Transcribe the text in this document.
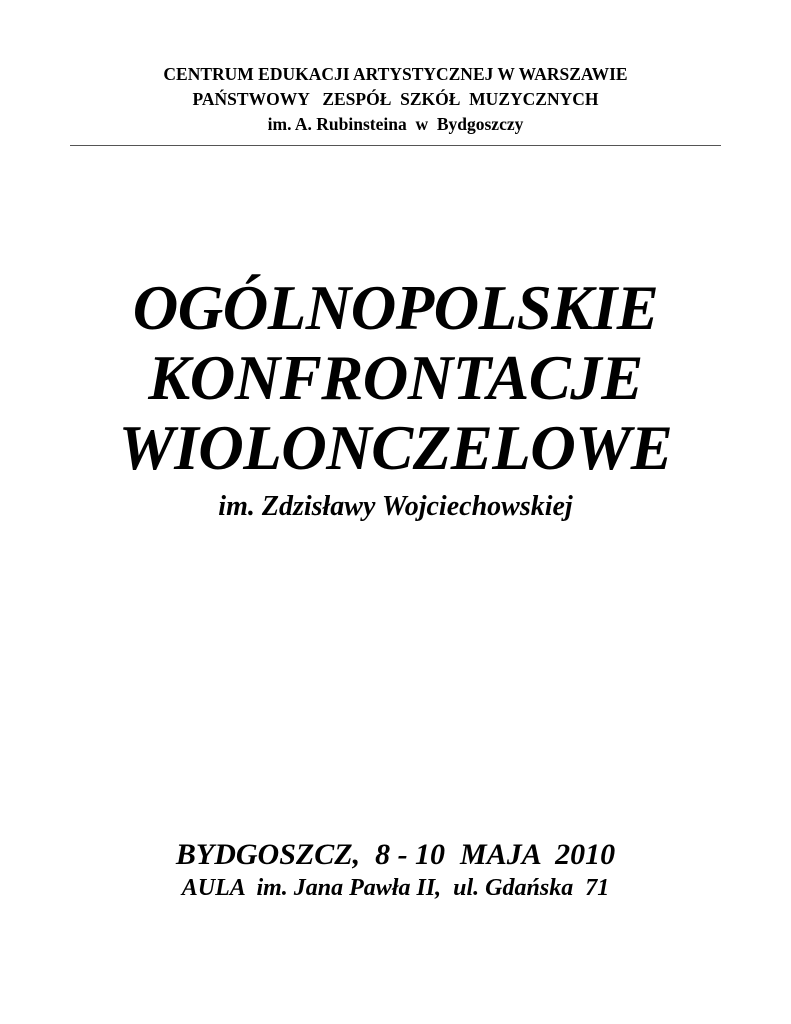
CENTRUM EDUKACJI ARTYSTYCZNEJ W WARSZAWIE
PAŃSTWOWY   ZESPÓŁ  SZKÓŁ  MUZYCZNYCH
im. A. Rubinsteina  w  Bydgoszczy
OGÓLNOPOLSKIE
KONFRONTACJE
WIOLONCZELOWE
im. Zdzisławy Wojciechowskiej
BYDGOSZCZ,  8 - 10  MAJA  2010
AULA  im. Jana Pawła II,  ul. Gdańska  71
